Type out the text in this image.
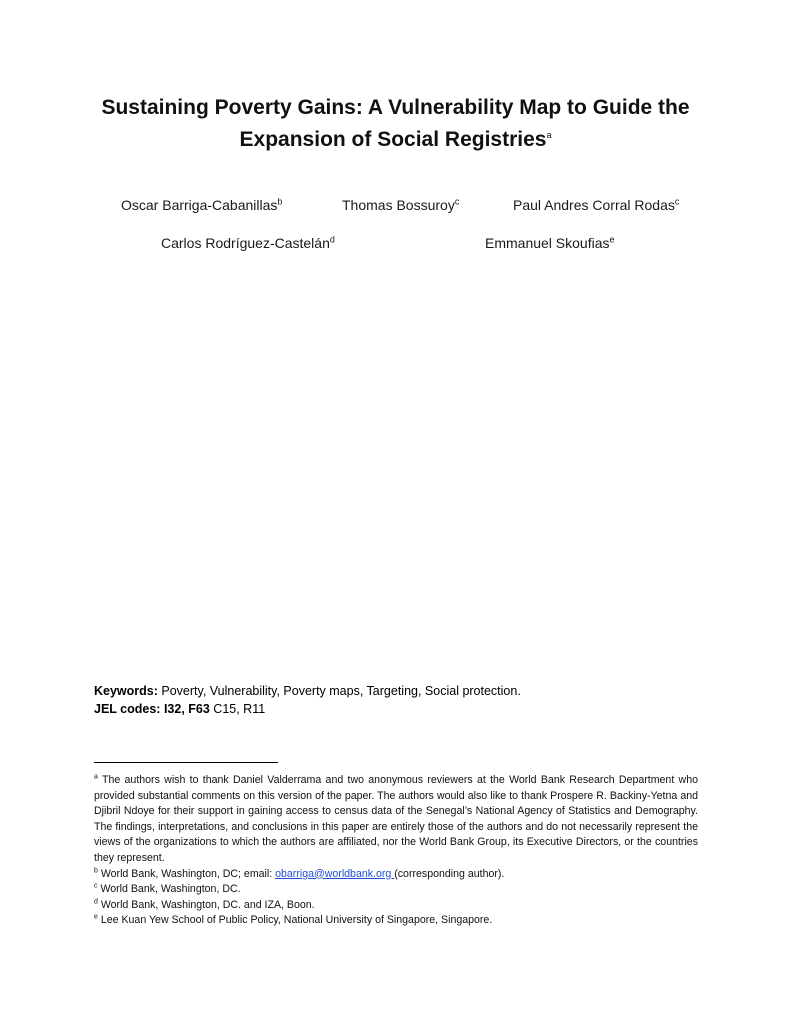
Sustaining Poverty Gains: A Vulnerability Map to Guide the
Expansion of Social Registries$^a$
Oscar Barriga-Cabanillas$^b$	Thomas Bossuroy$^c$	Paul Andres Corral Rodas$^c$
Carlos Rodríguez-Castelán$^d$	Emmanuel Skoufias$^e$
Keywords: Poverty, Vulnerability, Poverty maps, Targeting, Social protection.
JEL codes: I32, F63 C15, R11

$^a$ The authors wish to thank Daniel Valderrama and two anonymous reviewers at the World Bank Research Department who provided substantial comments on this version of the paper. The authors would also like to thank Prospere R. Backiny-Yetna and Djibril Ndoye for their support in gaining access to census data of the Senegal’s National Agency of Statistics and Demography. The findings, interpretations, and conclusions in this paper are entirely those of the authors and do not necessarily represent the views of the organizations to which the authors are affiliated, nor the World Bank Group, its Executive Directors, or the countries they represent.

$^b$ World Bank, Washington, DC; email: obarriga@worldbank.org (corresponding author).

$^c$ World Bank, Washington, DC.

$^d$ World Bank, Washington, DC. and IZA, Boon.

$^e$ Lee Kuan Yew School of Public Policy, National University of Singapore, Singapore.
